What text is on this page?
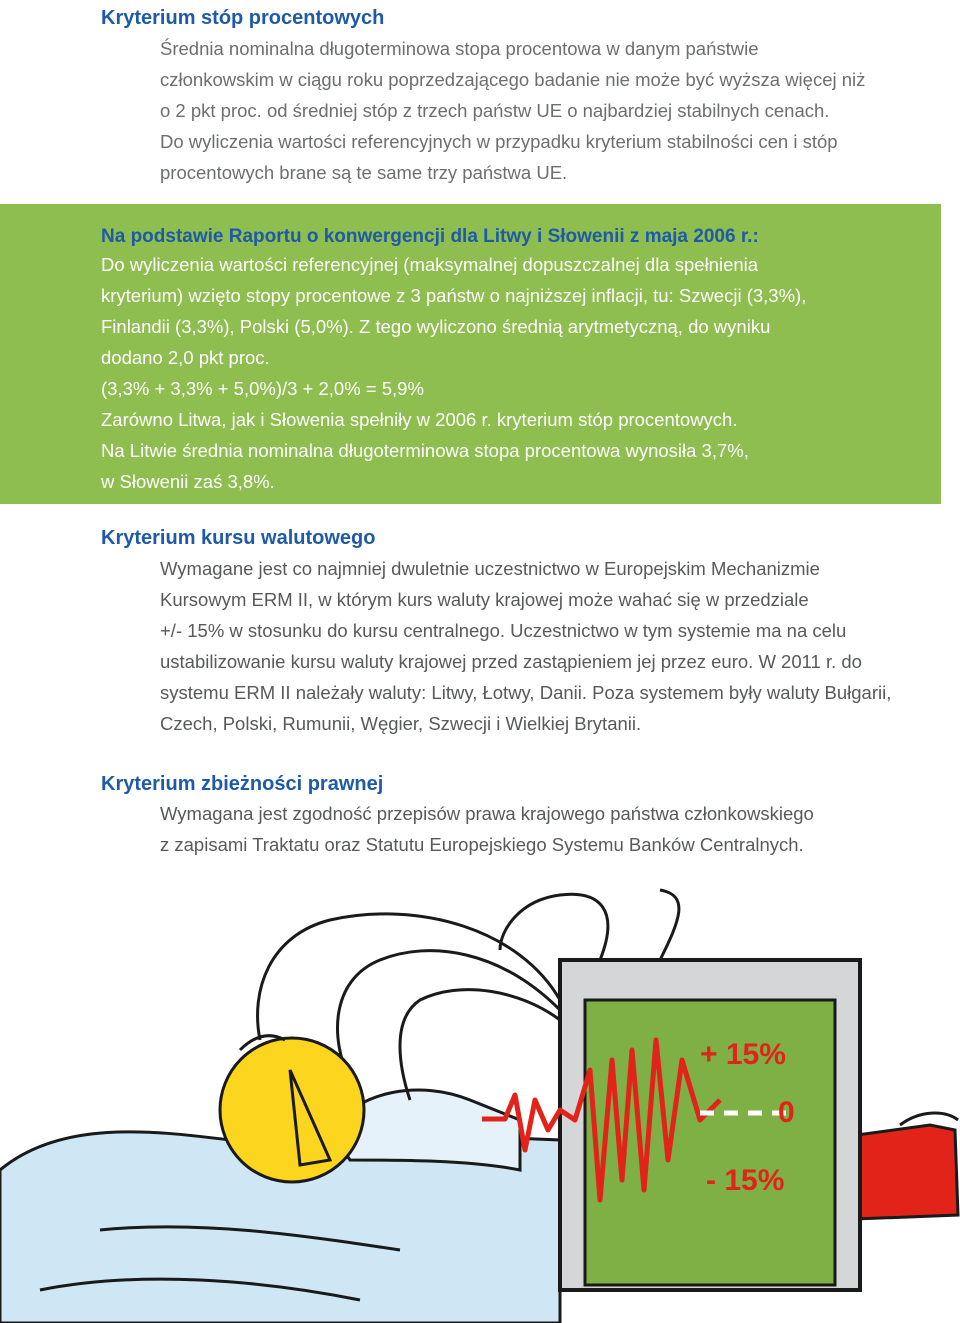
Kryterium stóp procentowych
Średnia nominalna długoterminowa stopa procentowa w danym państwie
członkowskim w ciągu roku poprzedzającego badanie nie może być wyższa więcej niż
o 2 pkt proc. od średniej stóp z trzech państw UE o najbardziej stabilnych cenach.
Do wyliczenia wartości referencyjnych w przypadku kryterium stabilności cen i stóp
procentowych brane są te same trzy państwa UE.
Na podstawie Raportu o konwergencji dla Litwy i Słowenii z maja 2006 r.:
Do wyliczenia wartości referencyjnej (maksymalnej dopuszczalnej dla spełnienia
kryterium) wzięto stopy procentowe z 3 państw o najniższej inflacji, tu: Szwecji (3,3%),
Finlandii (3,3%), Polski (5,0%). Z tego wyliczono średnią arytmetyczną, do wyniku
dodano 2,0 pkt proc.
(3,3% + 3,3% + 5,0%)/3 + 2,0% = 5,9%
Zarówno Litwa, jak i Słowenia spełniły w 2006 r. kryterium stóp procentowych.
Na Litwie średnia nominalna długoterminowa stopa procentowa wynosiła 3,7%,
w Słowenii zaś 3,8%.
Kryterium kursu walutowego
Wymagane jest co najmniej dwuletnie uczestnictwo w Europejskim Mechanizmie
Kursowym ERM II, w którym kurs waluty krajowej może wahać się w przedziale
+/- 15% w stosunku do kursu centralnego. Uczestnictwo w tym systemie ma na celu
ustabilizowanie kursu waluty krajowej przed zastąpieniem jej przez euro. W 2011 r. do
systemu ERM II należały waluty: Litwy, Łotwy, Danii. Poza systemem były waluty Bułgarii,
Czech, Polski, Rumunii, Węgier, Szwecji i Wielkiej Brytanii.
Kryterium zbieżności prawnej
Wymagana jest zgodność przepisów prawa krajowego państwa członkowskiego
z zapisami Traktatu oraz Statutu Europejskiego Systemu Banków Centralnych.
+ 15%
0
- 15%
